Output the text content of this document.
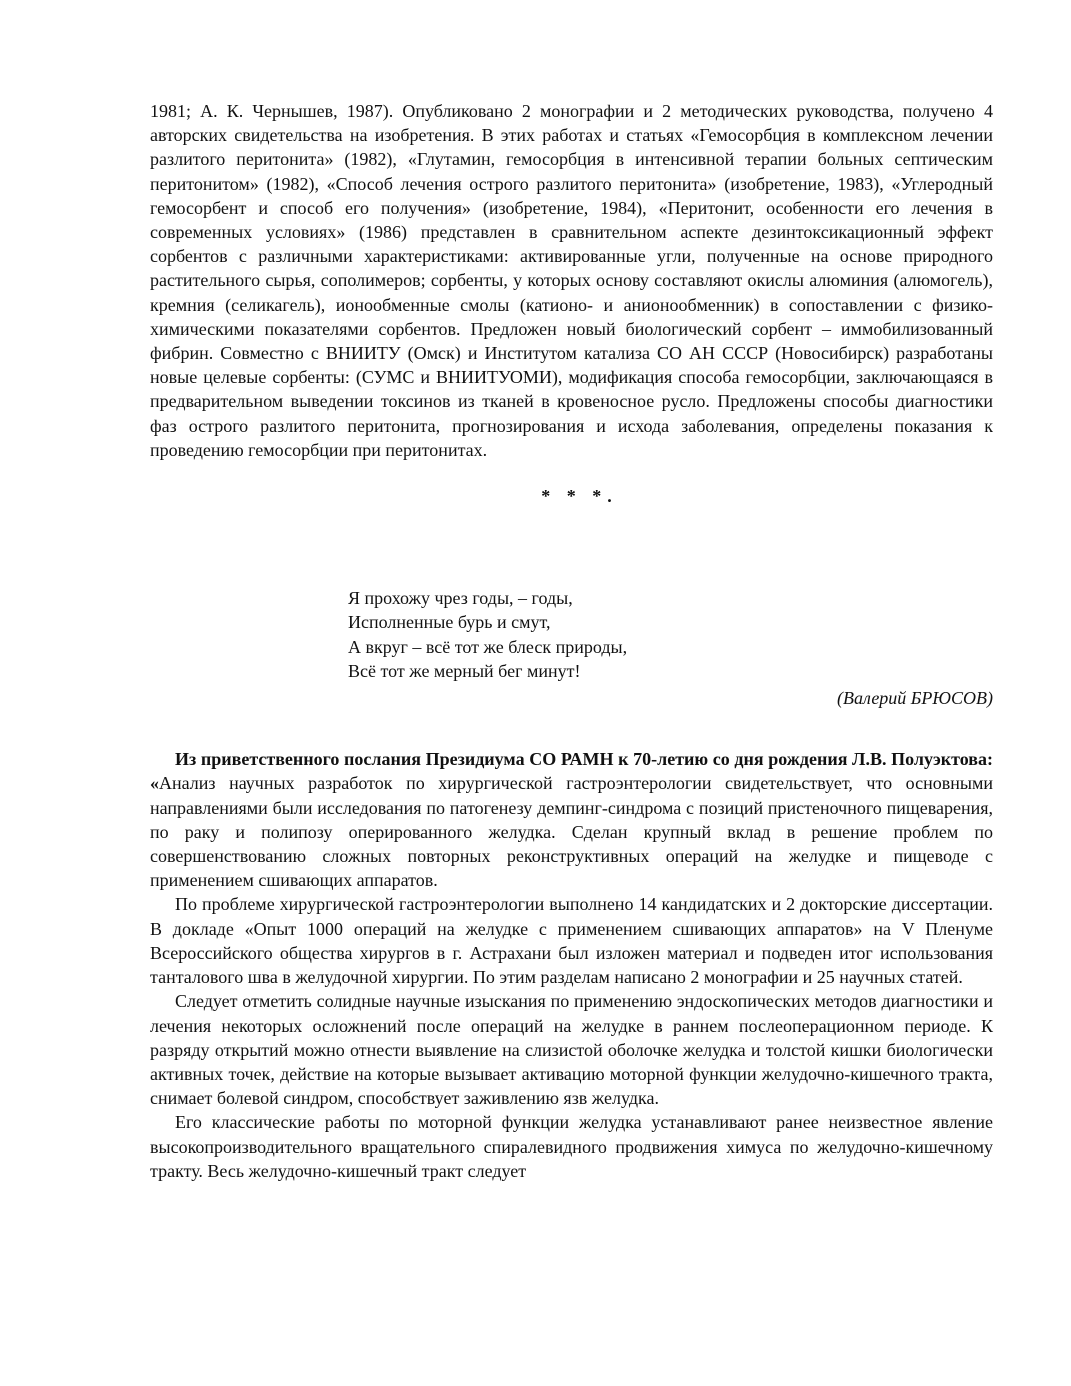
1981; А. К. Чернышев, 1987). Опубликовано 2 монографии и 2 методических руководства, получено 4 авторских свидетельства на изобретения. В этих работах и статьях «Гемосорбция в комплексном лечении разлитого перитонита» (1982), «Глутамин, гемосорбция в интенсивной терапии больных септическим перитонитом» (1982), «Способ лечения острого разлитого перитонита» (изобретение, 1983), «Углеродный гемосорбент и способ его получения» (изобретение, 1984), «Перитонит, особенности его лечения в современных условиях» (1986) представлен в сравнительном аспекте дезинтоксикационный эффект сорбентов с различными характеристиками: активированные угли, полученные на основе природного растительного сырья, сополимеров; сорбенты, у которых основу составляют окислы алюминия (алюмогель), кремния (селикагель), ионообменные смолы (катионо- и анионообменник) в сопоставлении с физико-химическими показателями сорбентов. Предложен новый биологический сорбент – иммобилизованный фибрин. Совместно с ВНИИТУ (Омск) и Институтом катализа СО АН СССР (Новосибирск) разработаны новые целевые сорбенты: (СУМС и ВНИИТУОМИ), модификация способа гемосорбции, заключающаяся в предварительном выведении токсинов из тканей в кровеносное русло. Предложены способы диагностики фаз острого разлитого перитонита, прогнозирования и исхода заболевания, определены показания к проведению гемосорбции при перитонитах.

* * *.

Я прохожу чрез годы, – годы,
Исполненные бурь и смут,
А вкруг – всё тот же блеск природы,
Всё тот же мерный бег минут!

(Валерий БРЮСОВ)

Из приветственного послания Президиума СО РАМН к 70-летию со дня рождения Л.В. Полуэктова: «Анализ научных разработок по хирургической гастроэнтерологии свидетельствует, что основными направлениями были исследования по патогенезу демпинг-синдрома с позиций пристеночного пищеварения, по раку и полипозу оперированного желудка. Сделан крупный вклад в решение проблем по совершенствованию сложных повторных реконструктивных операций на желудке и пищеводе с применением сшивающих аппаратов.

По проблеме хирургической гастроэнтерологии выполнено 14 кандидатских и 2 докторские диссертации. В докладе «Опыт 1000 операций на желудке с применением сшивающих аппаратов» на V Пленуме Всероссийского общества хирургов в г. Астрахани был изложен материал и подведен итог использования танталового шва в желудочной хирургии. По этим разделам написано 2 монографии и 25 научных статей.

Следует отметить солидные научные изыскания по применению эндоскопических методов диагностики и лечения некоторых осложнений после операций на желудке в раннем послеоперационном периоде. К разряду открытий можно отнести выявление на слизистой оболочке желудка и толстой кишки биологически активных точек, действие на которые вызывает активацию моторной функции желудочно-кишечного тракта, снимает болевой синдром, способствует заживлению язв желудка.

Его классические работы по моторной функции желудка устанавливают ранее неизвестное явление высокопроизводительного вращательного спиралевидного продвижения химуса по желудочно-кишечному тракту. Весь желудочно-кишечный тракт следует
